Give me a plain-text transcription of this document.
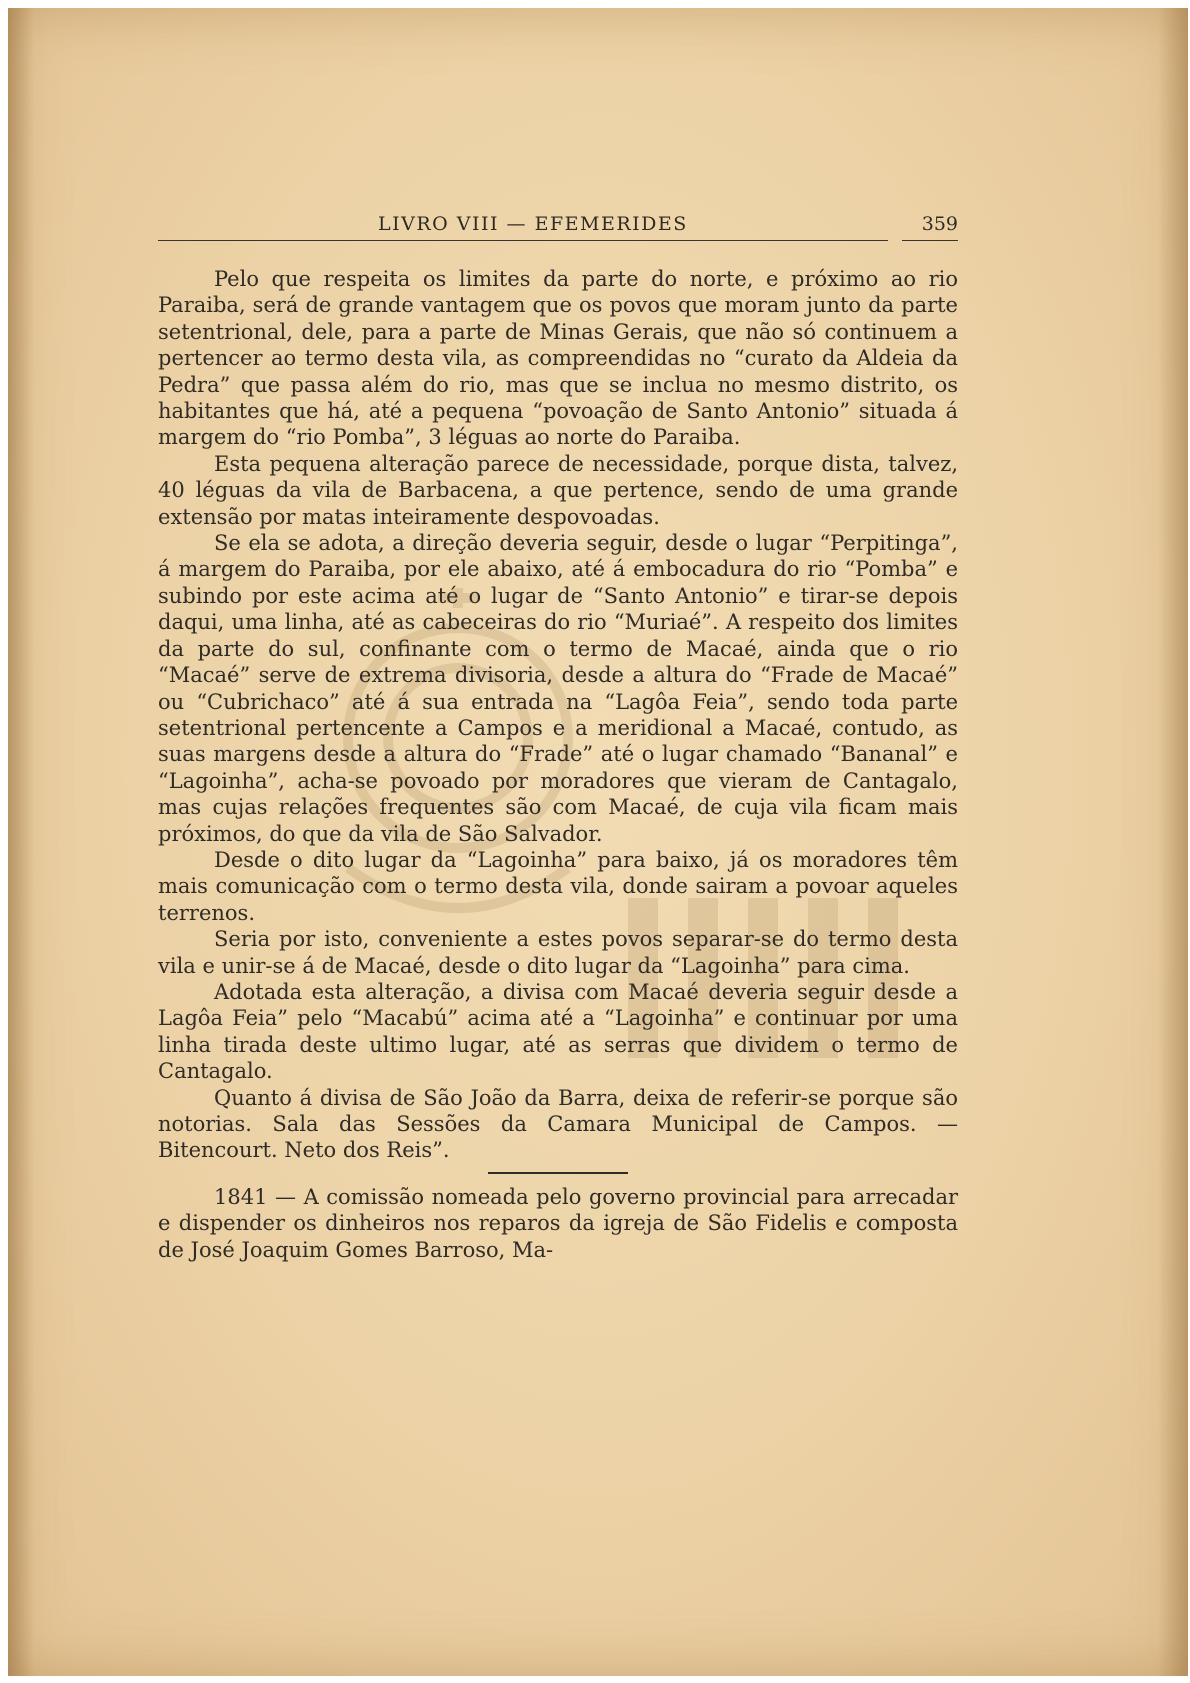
LIVRO VIII — EFEMERIDES	359

Pelo que respeita os limites da parte do norte, e próximo ao rio Paraiba, será de grande vantagem que os povos que moram junto da parte setentrional, dele, para a parte de Minas Gerais, que não só continuem a pertencer ao termo desta vila, as compreendidas no “curato da Aldeia da Pedra” que passa além do rio, mas que se inclua no mesmo distrito, os habitantes que há, até a pequena “povoação de Santo Antonio” situada á margem do “rio Pomba”, 3 léguas ao norte do Paraiba.

Esta pequena alteração parece de necessidade, porque dista, talvez, 40 léguas da vila de Barbacena, a que pertence, sendo de uma grande extensão por matas inteiramente despovoadas.

Se ela se adota, a direção deveria seguir, desde o lugar “Perpitinga”, á margem do Paraiba, por ele abaixo, até á embocadura do rio “Pomba” e subindo por este acima até o lugar de “Santo Antonio” e tirar-se depois daqui, uma linha, até as cabeceiras do rio “Muriaé”. A respeito dos limites da parte do sul, confinante com o termo de Macaé, ainda que o rio “Macaé” serve de extrema divisoria, desde a altura do “Frade de Macaé” ou “Cubrichaco” até á sua entrada na “Lagôa Feia”, sendo toda parte setentrional pertencente a Campos e a meridional a Macaé, contudo, as suas margens desde a altura do “Frade” até o lugar chamado “Bananal” e “Lagoinha”, acha-se povoado por moradores que vieram de Cantagalo, mas cujas relações frequentes são com Macaé, de cuja vila ficam mais próximos, do que da vila de São Salvador.

Desde o dito lugar da “Lagoinha” para baixo, já os moradores têm mais comunicação com o termo desta vila, donde sairam a povoar aqueles terrenos.

Seria por isto, conveniente a estes povos separar-se do termo desta vila e unir-se á de Macaé, desde o dito lugar da “Lagoinha” para cima.

Adotada esta alteração, a divisa com Macaé deveria seguir desde a Lagôa Feia” pelo “Macabú” acima até a “Lagoinha” e continuar por uma linha tirada deste ultimo lugar, até as serras que dividem o termo de Cantagalo.

Quanto á divisa de São João da Barra, deixa de referir-se porque são notorias. Sala das Sessões da Camara Municipal de Campos. — Bitencourt. Neto dos Reis”.

1841 — A comissão nomeada pelo governo provincial para arrecadar e dispender os dinheiros nos reparos da igreja de São Fidelis e composta de José Joaquim Gomes Barroso, Ma-
